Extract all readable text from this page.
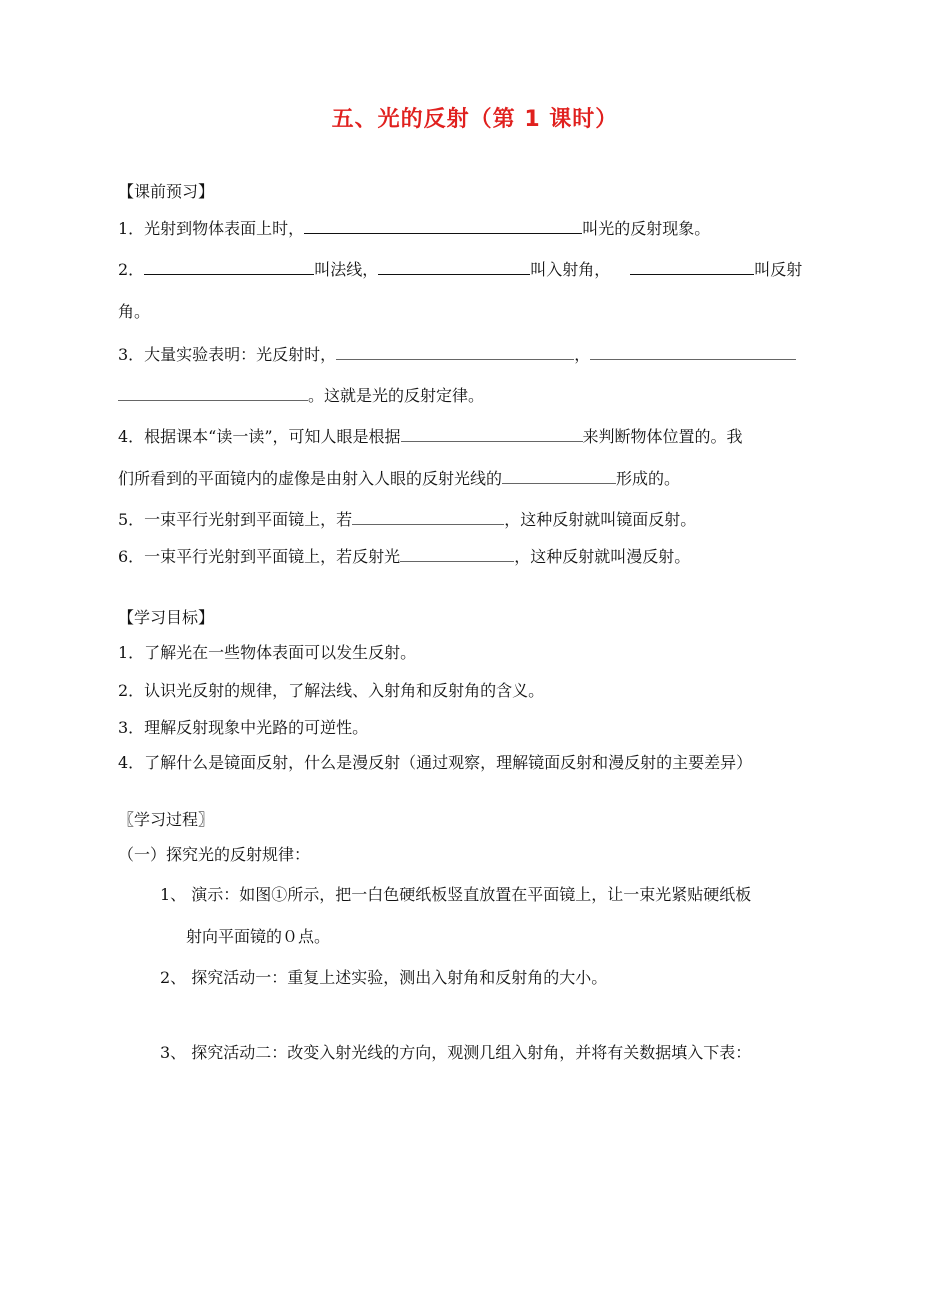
五、光的反射（第 1 课时）
【课前预习】
1．光射到物体表面上时，	叫光的反射现象。
2．	叫法线，	叫入射角，	叫反射
角。
3．大量实验表明：光反射时，	，
。这就是光的反射定律。
4．根据课本“读一读”，可知人眼是根据	来判断物体位置的。我
们所看到的平面镜内的虚像是由射入人眼的反射光线的	形成的。
5．一束平行光射到平面镜上，若	，这种反射就叫镜面反射。
6．一束平行光射到平面镜上，若反射光	，这种反射就叫漫反射。
【学习目标】
1．了解光在一些物体表面可以发生反射。
2．认识光反射的规律，了解法线、入射角和反射角的含义。
3．理解反射现象中光路的可逆性。
4．了解什么是镜面反射，什么是漫反射（通过观察，理解镜面反射和漫反射的主要差异）
〖学习过程〗
（一）探究光的反射规律：
1、 演示：如图①所示，把一白色硬纸板竖直放置在平面镜上，让一束光紧贴硬纸板
射向平面镜的０点。
2、 探究活动一：重复上述实验，测出入射角和反射角的大小。
3、 探究活动二：改变入射光线的方向，观测几组入射角，并将有关数据填入下表：
